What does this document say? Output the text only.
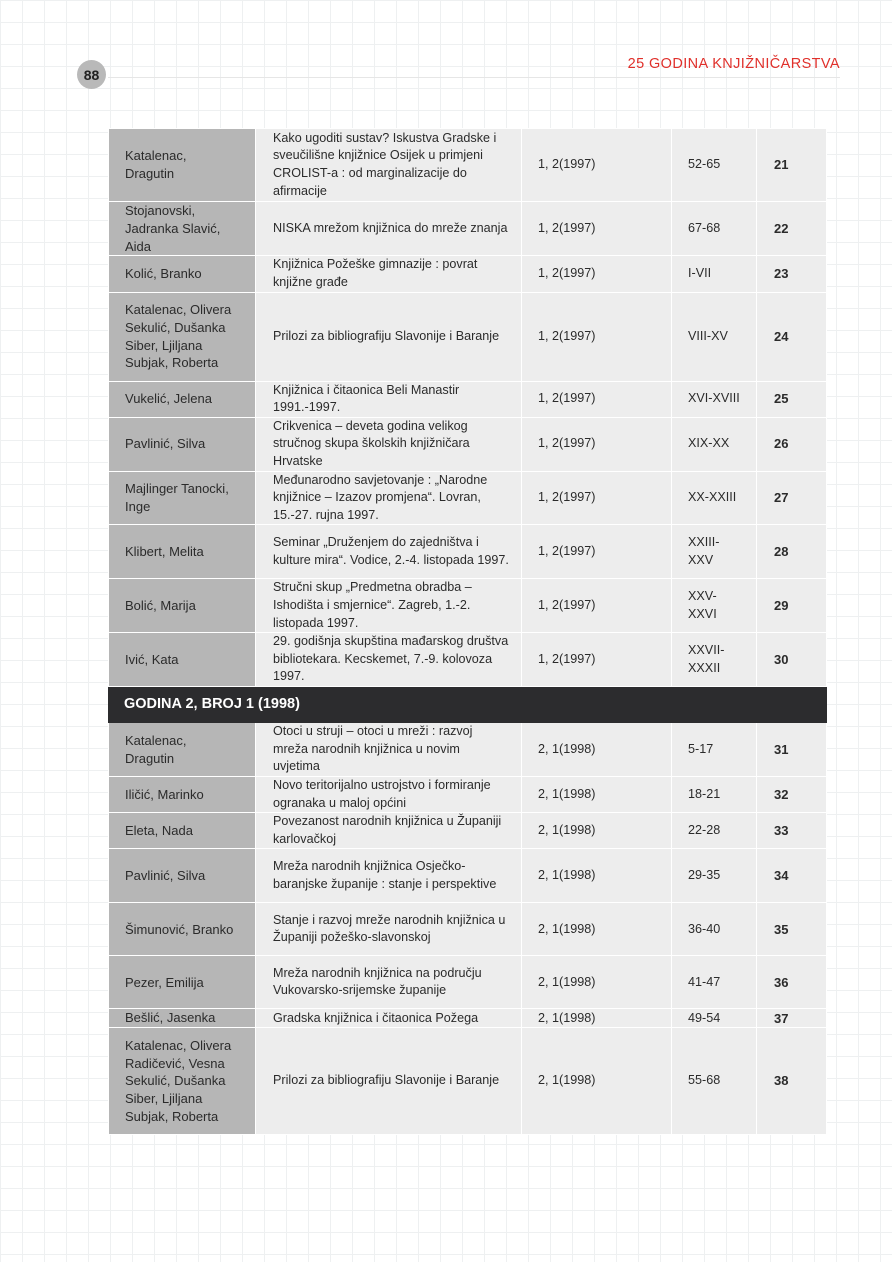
88
25 GODINA KNJIŽNIČARSTVA
Katalenac, Dragutin	Kako ugoditi sustav? Iskustva Gradske i sveučilišne knjižnice Osijek u primjeni CROLIST-a : od marginalizacije do afirmacije	1, 2(1997)	52-65	21
Stojanovski, Jadranka Slavić, Aida	NISKA mrežom knjižnica do mreže znanja	1, 2(1997)	67-68	22
Kolić, Branko	Knjižnica Požeške gimnazije : povrat knjižne građe	1, 2(1997)	I-VII	23
Katalenac, Olivera Sekulić, Dušanka Siber, Ljiljana Subjak, Roberta	Prilozi za bibliografiju Slavonije i Baranje	1, 2(1997)	VIII-XV	24
Vukelić, Jelena	Knjižnica i čitaonica Beli Manastir 1991.-1997.	1, 2(1997)	XVI-XVIII	25
Pavlinić, Silva	Crikvenica – deveta godina velikog stručnog skupa školskih knjižničara Hrvatske	1, 2(1997)	XIX-XX	26
Majlinger Tanocki, Inge	Međunarodno savjetovanje : „Narodne knjižnice – Izazov promjena“. Lovran, 15.-27. rujna 1997.	1, 2(1997)	XX-XXIII	27
Klibert, Melita	Seminar „Druženjem do zajedništva i kulture mira“. Vodice, 2.-4. listopada 1997.	1, 2(1997)	XXIII-XXV	28
Bolić, Marija	Stručni skup „Predmetna obradba – Ishodišta i smjernice“. Zagreb, 1.-2. listopada 1997.	1, 2(1997)	XXV-XXVI	29
Ivić, Kata	29. godišnja skupština mađarskog društva bibliotekara. Kecskemet, 7.-9. kolovoza 1997.	1, 2(1997)	XXVII-XXXII	30
GODINA 2, BROJ 1 (1998)				
Katalenac, Dragutin	Otoci u struji – otoci u mreži : razvoj mreža narodnih knjižnica u novim uvjetima	2, 1(1998)	5-17	31
Iličić, Marinko	Novo teritorijalno ustrojstvo i formiranje ogranaka u maloj općini	2, 1(1998)	18-21	32
Eleta, Nada	Povezanost narodnih knjižnica u Županiji karlovačkoj	2, 1(1998)	22-28	33
Pavlinić, Silva	Mreža narodnih knjižnica Osječko-baranjske županije : stanje i perspektive	2, 1(1998)	29-35	34
Šimunović, Branko	Stanje i razvoj mreže narodnih knjižnica u Županiji požeško-slavonskoj	2, 1(1998)	36-40	35
Pezer, Emilija	Mreža narodnih knjižnica na području Vukovarsko-srijemske županije	2, 1(1998)	41-47	36
Bešlić, Jasenka	Gradska knjižnica i čitaonica Požega	2, 1(1998)	49-54	37
Katalenac, Olivera Radičević, Vesna Sekulić, Dušanka Siber, Ljiljana Subjak, Roberta	Prilozi za bibliografiju Slavonije i Baranje	2, 1(1998)	55-68	38
